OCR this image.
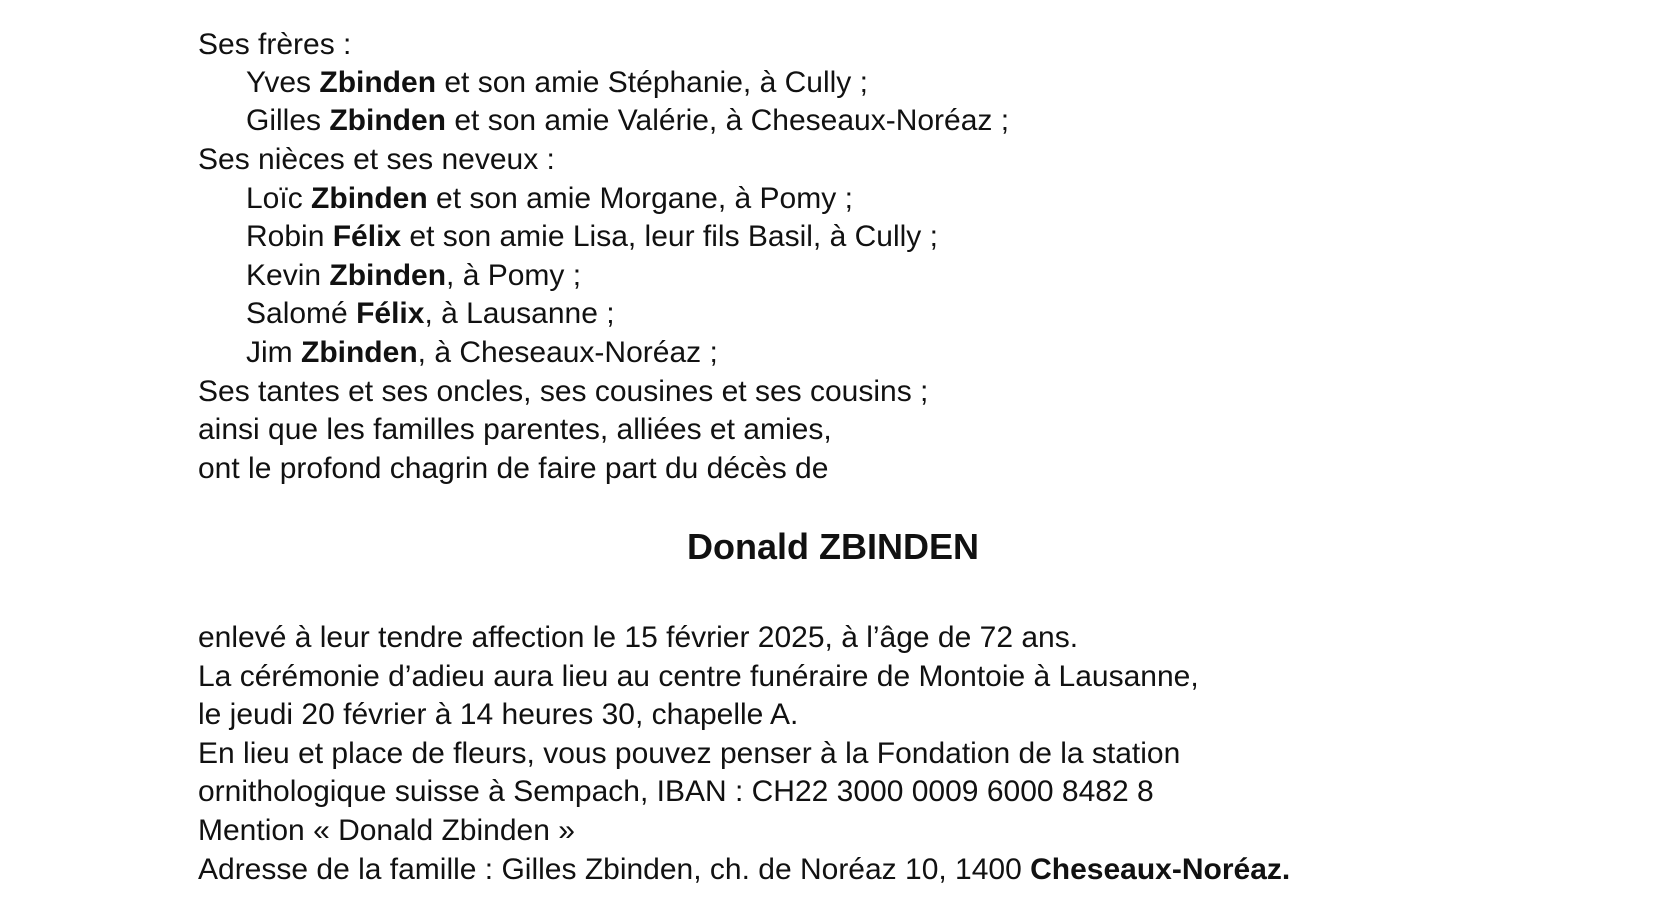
Ses frères :
Yves Zbinden et son amie Stéphanie, à Cully ;
Gilles Zbinden et son amie Valérie, à Cheseaux-Noréaz ;
Ses nièces et ses neveux :
Loïc Zbinden et son amie Morgane, à Pomy ;
Robin Félix et son amie Lisa, leur fils Basil, à Cully ;
Kevin Zbinden, à Pomy ;
Salomé Félix, à Lausanne ;
Jim Zbinden, à Cheseaux-Noréaz ;
Ses tantes et ses oncles, ses cousines et ses cousins ;
ainsi que les familles parentes, alliées et amies,
ont le profond chagrin de faire part du décès de
Donald ZBINDEN
enlevé à leur tendre affection le 15 février 2025, à l’âge de 72 ans.
La cérémonie d’adieu aura lieu au centre funéraire de Montoie à Lausanne,
le jeudi 20 février à 14 heures 30, chapelle A.
En lieu et place de fleurs, vous pouvez penser à la Fondation de la station
ornithologique suisse à Sempach, IBAN : CH22 3000 0009 6000 8482 8
Mention « Donald Zbinden »
Adresse de la famille : Gilles Zbinden, ch. de Noréaz 10, 1400 Cheseaux-Noréaz.
